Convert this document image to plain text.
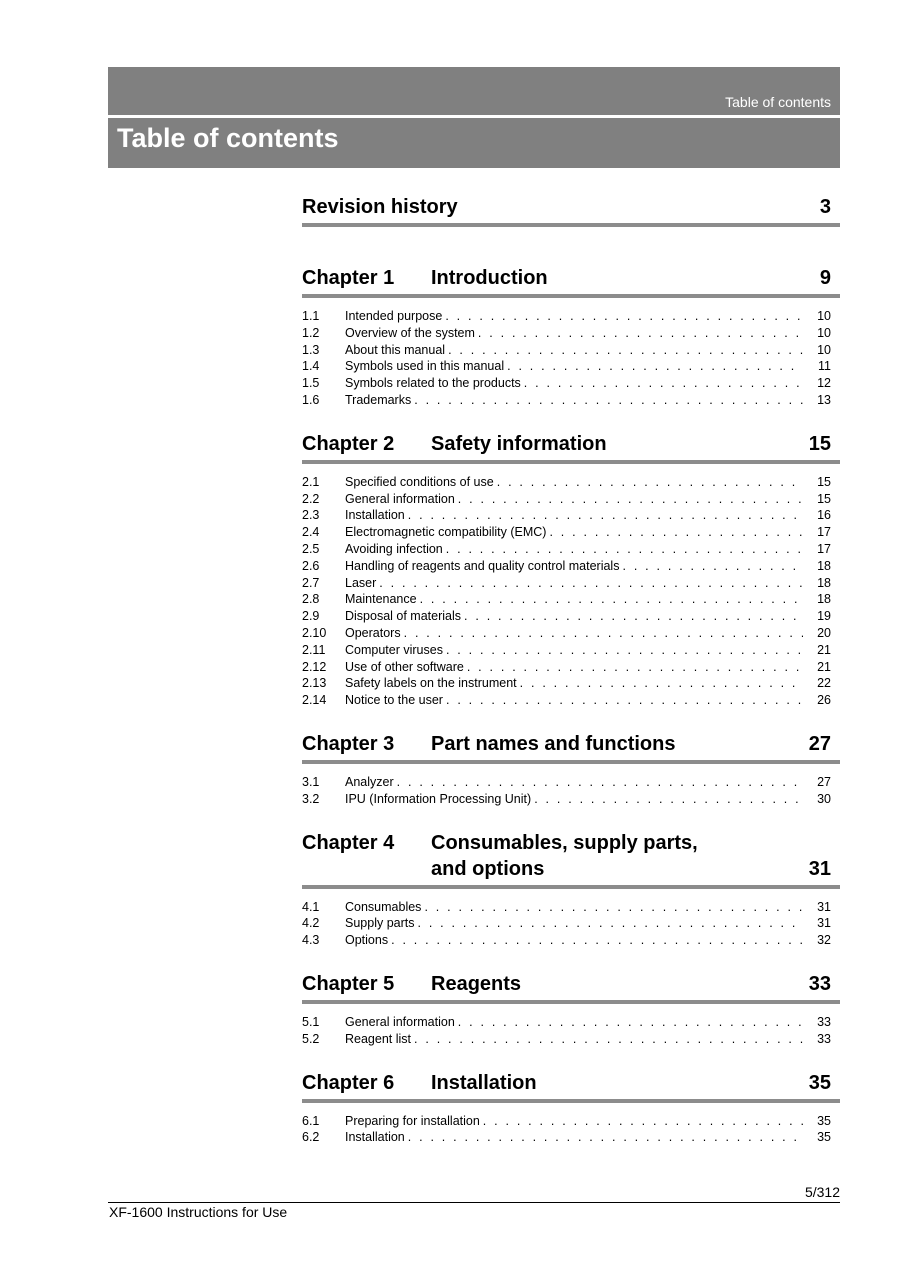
Table of contents
Table of contents
Revision history	3
Chapter 1	Introduction	9
1.1	Intended purpose . . .	10
1.2	Overview of the system . . .	10
1.3	About this manual . . .	10
1.4	Symbols used in this manual . . .	11
1.5	Symbols related to the products . . .	12
1.6	Trademarks . . .	13
Chapter 2	Safety information	15
2.1	Specified conditions of use . . .	15
2.2	General information . . .	15
2.3	Installation . . .	16
2.4	Electromagnetic compatibility (EMC) . . .	17
2.5	Avoiding infection . . .	17
2.6	Handling of reagents and quality control materials . . .	18
2.7	Laser . . .	18
2.8	Maintenance . . .	18
2.9	Disposal of materials . . .	19
2.10	Operators . . .	20
2.11	Computer viruses . . .	21
2.12	Use of other software . . .	21
2.13	Safety labels on the instrument . . .	22
2.14	Notice to the user . . .	26
Chapter 3	Part names and functions	27
3.1	Analyzer . . .	27
3.2	IPU (Information Processing Unit) . . .	30
Chapter 4	Consumables, supply parts, and options	31
4.1	Consumables . . .	31
4.2	Supply parts . . .	31
4.3	Options . . .	32
Chapter 5	Reagents	33
5.1	General information . . .	33
5.2	Reagent list . . .	33
Chapter 6	Installation	35
6.1	Preparing for installation . . .	35
6.2	Installation . . .	35
5/312
XF-1600 Instructions for Use
